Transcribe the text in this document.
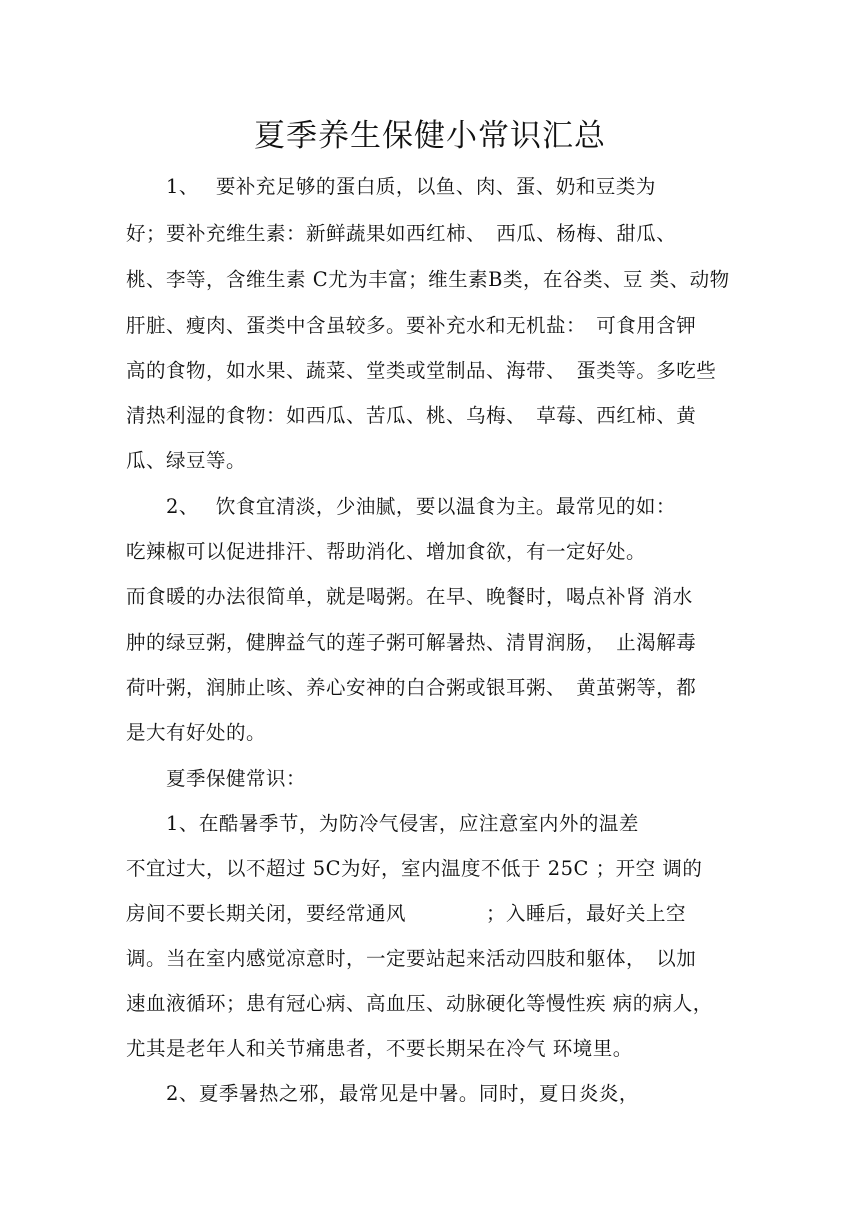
夏季养生保健小常识汇总
　　1、　 要补充足够的蛋白质，以鱼、肉、蛋、奶和豆类为
好；要补充维生素：新鲜蔬果如西红柿、　西瓜、杨梅、甜瓜、
桃、李等，含维生素 C尤为丰富；维生素B类，在谷类、豆 类、动物
肝脏、瘦肉、蛋类中含虽较多。要补充水和无机盐：　可食用含钾
高的食物，如水果、蔬菜、堂类或堂制品、海带、　蛋类等。多吃些
清热利湿的食物：如西瓜、苦瓜、桃、乌梅、　草莓、西红柿、黄
瓜、绿豆等。
　　2、　 饮食宜清淡，少油腻，要以温食为主。最常见的如：
吃辣椒可以促进排汗、帮助消化、增加食欲，有一定好处。
而食暖的办法很简单，就是喝粥。在早、晚餐时，喝点补肾 消水
肿的绿豆粥，健脾益气的莲子粥可解暑热、清胃润肠，　止渴解毒
荷叶粥，润肺止咳、养心安神的白合粥或银耳粥、　黄茧粥等，都
是大有好处的。
　　夏季保健常识：
　　1、在酷暑季节，为防冷气侵害，应注意室内外的温差
不宜过大，以不超过 5C为好，室内温度不低于 25C ；开空 调的
房间不要长期关闭，要经常通风　　　　；入睡后，最好关上空
调。当在室内感觉凉意时，一定要站起来活动四肢和躯体，　以加
速血液循环；患有冠心病、高血压、动脉硬化等慢性疾 病的病人，
尤其是老年人和关节痛患者，不要长期呆在冷气 环境里。
　　2、夏季暑热之邪，最常见是中暑。同时，夏日炎炎，
